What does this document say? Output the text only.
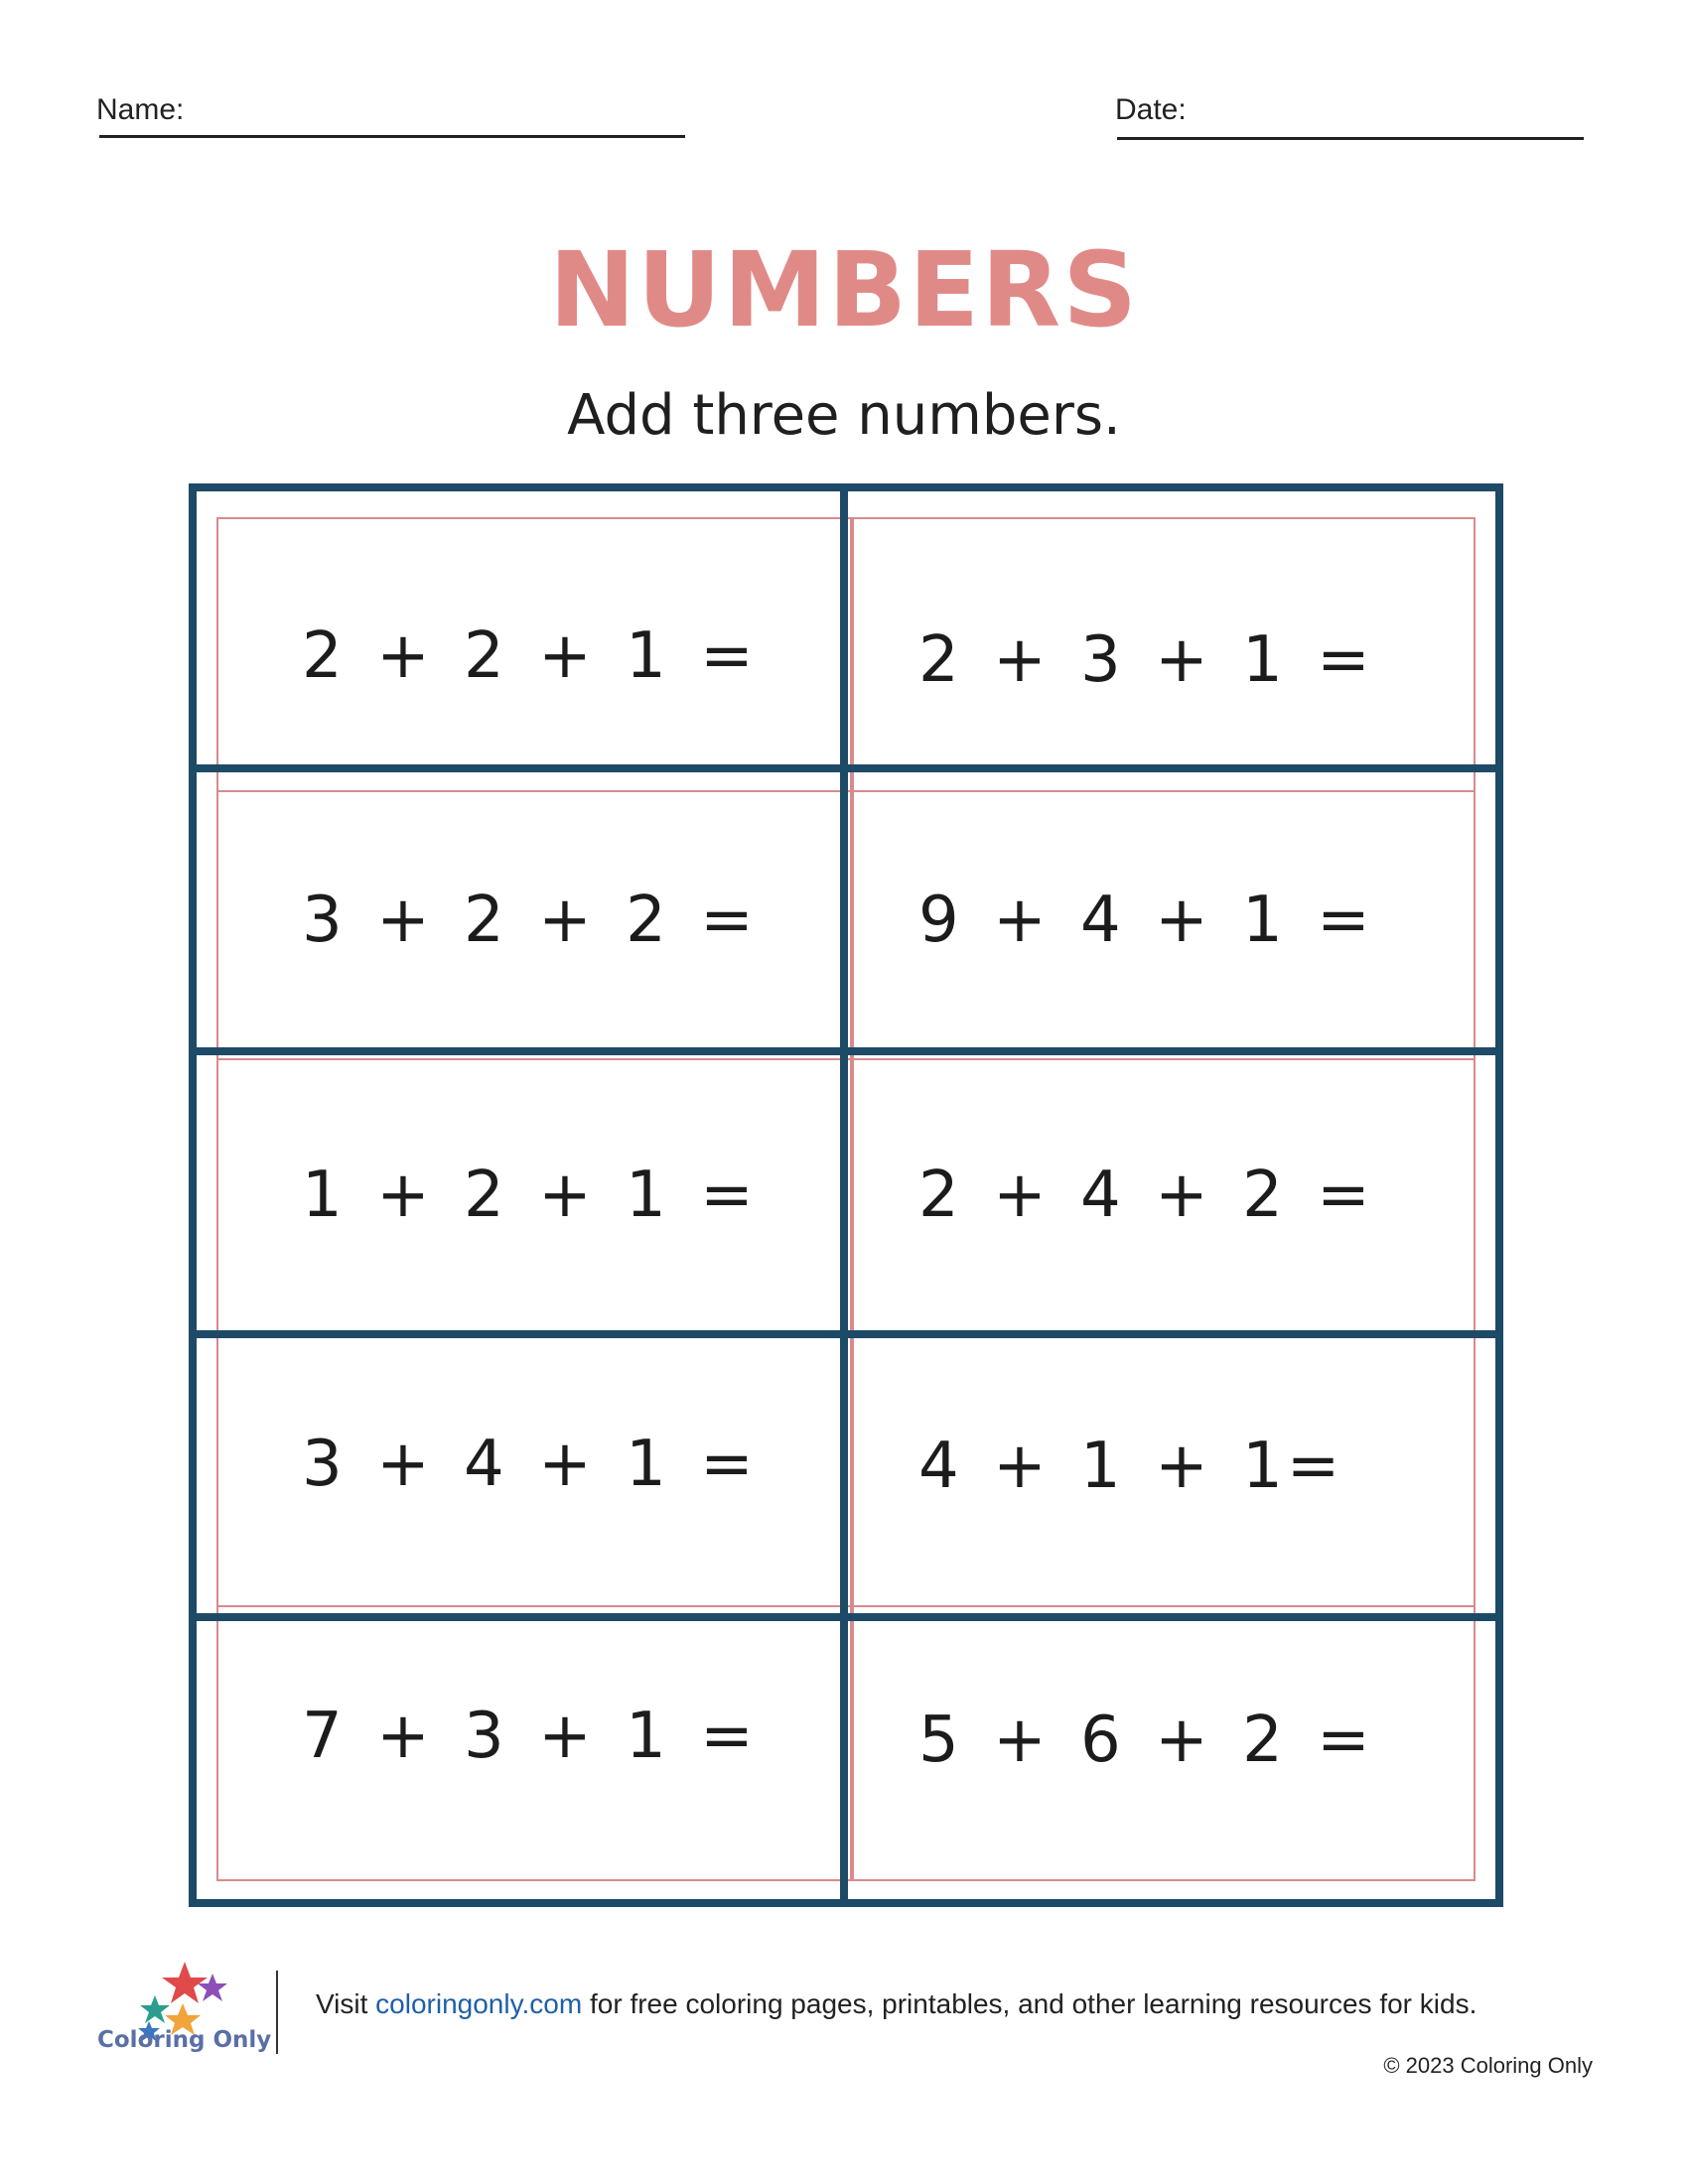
Name:	Date:
NUMBERS
Add three numbers.
2 + 2 + 1 =	2 + 3 + 1 =
3 + 2 + 2 =	9 + 4 + 1 =
1 + 2 + 1 =	2 + 4 + 2 =
3 + 4 + 1 =	4 + 1 + 1=
7 + 3 + 1 =	5 + 6 + 2 =
Coloring Only
Visit coloringonly.com for free coloring pages, printables, and other learning resources for kids.
© 2023 Coloring Only
